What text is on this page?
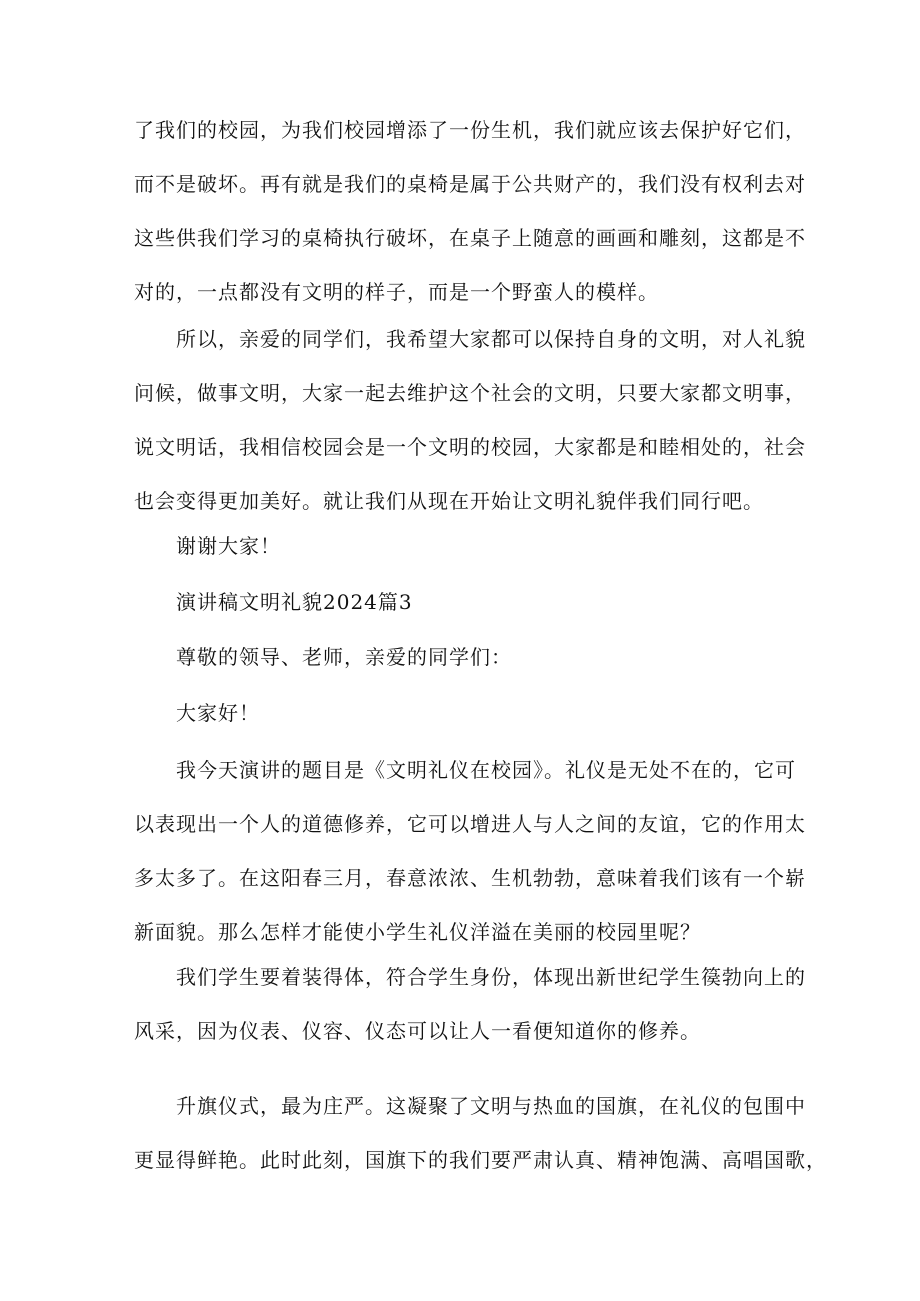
了我们的校园，为我们校园增添了一份生机，我们就应该去保护好它们，
而不是破坏。再有就是我们的桌椅是属于公共财产的，我们没有权利去对
这些供我们学习的桌椅执行破坏，在桌子上随意的画画和雕刻，这都是不
对的，一点都没有文明的样子，而是一个野蛮人的模样。

　　所以，亲爱的同学们，我希望大家都可以保持自身的文明，对人礼貌
问候，做事文明，大家一起去维护这个社会的文明，只要大家都文明事，
说文明话，我相信校园会是一个文明的校园，大家都是和睦相处的，社会
也会变得更加美好。就让我们从现在开始让文明礼貌伴我们同行吧。

　　谢谢大家！

　　演讲稿文明礼貌2024篇3

　　尊敬的领导、老师，亲爱的同学们：

　　大家好！

　　我今天演讲的题目是《文明礼仪在校园》。礼仪是无处不在的，它可
以表现出一个人的道德修养，它可以增进人与人之间的友谊，它的作用太
多太多了。在这阳春三月，春意浓浓、生机勃勃，意味着我们该有一个崭
新面貌。那么怎样才能使小学生礼仪洋溢在美丽的校园里呢？

　　我们学生要着装得体，符合学生身份，体现出新世纪学生篌勃向上的
风采，因为仪表、仪容、仪态可以让人一看便知道你的修养。

　　升旗仪式，最为庄严。这凝聚了文明与热血的国旗，在礼仪的包围中
更显得鲜艳。此时此刻，国旗下的我们要严肃认真、精神饱满、高唱国歌，
